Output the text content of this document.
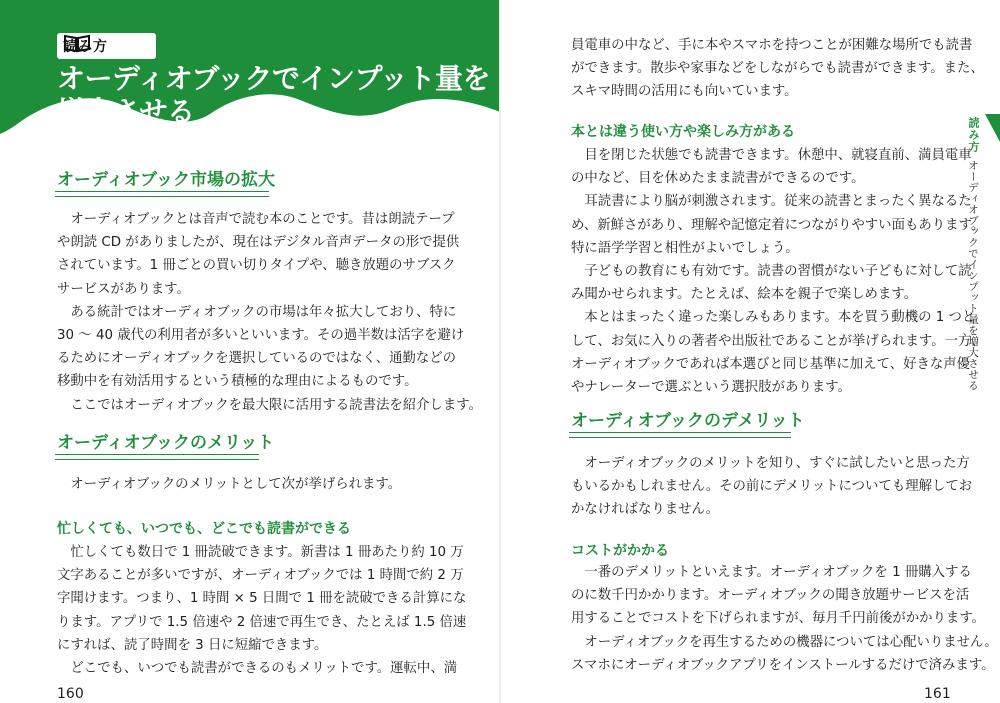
読み方
オーディオブックでインプット量を
増大させる
オーディオブック市場の拡大
　オーディオブックとは音声で読む本のことです。昔は朗読テープ
や朗読 CD がありましたが、現在はデジタル音声データの形で提供
されています。1 冊ごとの買い切りタイプや、聴き放題のサブスク
サービスがあります。
　ある統計ではオーディオブックの市場は年々拡大しており、特に
30 〜 40 歳代の利用者が多いといいます。その過半数は活字を避け
るためにオーディオブックを選択しているのではなく、通勤などの
移動中を有効活用するという積極的な理由によるものです。
　ここではオーディオブックを最大限に活用する読書法を紹介します。
オーディオブックのメリット
　オーディオブックのメリットとして次が挙げられます。
忙しくても、いつでも、どこでも読書ができる
　忙しくても数日で 1 冊読破できます。新書は 1 冊あたり約 10 万
文字あることが多いですが、オーディオブックでは 1 時間で約 2 万
字聞けます。つまり、1 時間 × 5 日間で 1 冊を読破できる計算にな
ります。アプリで 1.5 倍速や 2 倍速で再生でき、たとえば 1.5 倍速
にすれば、読了時間を 3 日に短縮できます。
　どこでも、いつでも読書ができるのもメリットです。運転中、満
160
員電車の中など、手に本やスマホを持つことが困難な場所でも読書
ができます。散歩や家事などをしながらでも読書ができます。また、
スキマ時間の活用にも向いています。
本とは違う使い方や楽しみ方がある
　目を閉じた状態でも読書できます。休憩中、就寝直前、満員電車
の中など、目を休めたまま読書ができるのです。
　耳読書により脳が刺激されます。従来の読書とまったく異なるた
め、新鮮さがあり、理解や記憶定着につながりやすい面もあります。
特に語学学習と相性がよいでしょう。
　子どもの教育にも有効です。読書の習慣がない子どもに対して読
み聞かせられます。たとえば、絵本を親子で楽しめます。
　本とはまったく違った楽しみもあります。本を買う動機の 1 つと
して、お気に入りの著者や出版社であることが挙げられます。一方、
オーディオブックであれば本選びと同じ基準に加えて、好きな声優
やナレーターで選ぶという選択肢があります。
オーディオブックのデメリット
　オーディオブックのメリットを知り、すぐに試したいと思った方
もいるかもしれません。その前にデメリットについても理解してお
かなければなりません。
コストがかかる
　一番のデメリットといえます。オーディオブックを 1 冊購入する
のに数千円かかります。オーディオブックの聞き放題サービスを活
用することでコストを下げられますが、毎月千円前後がかかります。
　オーディオブックを再生するための機器については心配いりません。
スマホにオーディオブックアプリをインストールするだけで済みます。
161
読み方
オーディオブックでインプット量を増大させる
